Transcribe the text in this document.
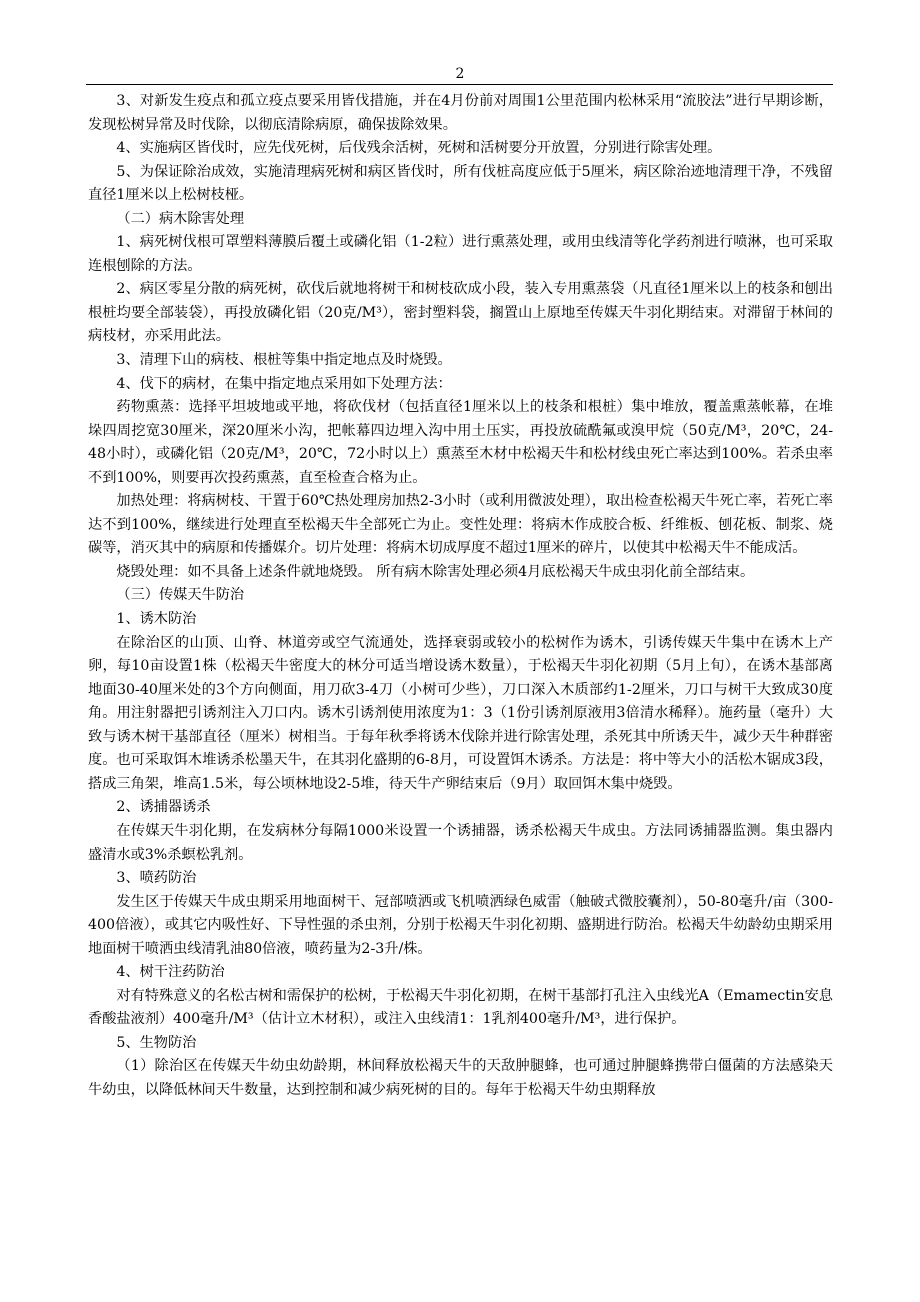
2

3、对新发生疫点和孤立疫点要采用皆伐措施，并在4月份前对周围1公里范围内松林采用“流胶法”进行早期诊断，发现松树异常及时伐除，以彻底清除病原，确保拔除效果。

4、实施病区皆伐时，应先伐死树，后伐残余活树，死树和活树要分开放置，分别进行除害处理。

5、为保证除治成效，实施清理病死树和病区皆伐时，所有伐桩高度应低于5厘米，病区除治迹地清理干净，不残留直径1厘米以上松树枝桠。

（二）病木除害处理

1、病死树伐根可罩塑料薄膜后覆土或磷化铝（1-2粒）进行熏蒸处理，或用虫线清等化学药剂进行喷淋，也可采取连根刨除的方法。

2、病区零星分散的病死树，砍伐后就地将树干和树枝砍成小段，装入专用熏蒸袋（凡直径1厘米以上的枝条和刨出根桩均要全部装袋），再投放磷化铝（20克/M³），密封塑料袋，搁置山上原地至传媒天牛羽化期结束。对滞留于林间的病枝材，亦采用此法。

3、清理下山的病枝、根桩等集中指定地点及时烧毁。

4、伐下的病材，在集中指定地点采用如下处理方法：

药物熏蒸：选择平坦坡地或平地，将砍伐材（包括直径1厘米以上的枝条和根桩）集中堆放，覆盖熏蒸帐幕，在堆垛四周挖宽30厘米，深20厘米小沟，把帐幕四边埋入沟中用土压实，再投放硫酰氟或溴甲烷（50克/M³，20℃，24-48小时），或磷化铝（20克/M³，20℃，72小时以上）熏蒸至木材中松褐天牛和松材线虫死亡率达到100%。若杀虫率不到100%，则要再次投药熏蒸，直至检查合格为止。

加热处理：将病树枝、干置于60℃热处理房加热2-3小时（或利用微波处理），取出检查松褐天牛死亡率，若死亡率达不到100%，继续进行处理直至松褐天牛全部死亡为止。变性处理：将病木作成胶合板、纤维板、刨花板、制浆、烧碳等，消灭其中的病原和传播媒介。切片处理：将病木切成厚度不超过1厘米的碎片，以使其中松褐天牛不能成活。

烧毁处理：如不具备上述条件就地烧毁。 所有病木除害处理必须4月底松褐天牛成虫羽化前全部结束。

（三）传媒天牛防治

1、诱木防治

在除治区的山顶、山脊、林道旁或空气流通处，选择衰弱或较小的松树作为诱木，引诱传媒天牛集中在诱木上产卵，每10亩设置1株（松褐天牛密度大的林分可适当增设诱木数量），于松褐天牛羽化初期（5月上旬），在诱木基部离地面30-40厘米处的3个方向侧面，用刀砍3-4刀（小树可少些），刀口深入木质部约1-2厘米，刀口与树干大致成30度角。用注射器把引诱剂注入刀口内。诱木引诱剂使用浓度为1：3（1份引诱剂原液用3倍清水稀释）。施药量（毫升）大致与诱木树干基部直径（厘米）树相当。于每年秋季将诱木伐除并进行除害处理，杀死其中所诱天牛，减少天牛种群密度。也可采取饵木堆诱杀松墨天牛，在其羽化盛期的6-8月，可设置饵木诱杀。方法是：将中等大小的活松木锯成3段，搭成三角架，堆高1.5米，每公顷林地设2-5堆，待天牛产卵结束后（9月）取回饵木集中烧毁。

2、诱捕器诱杀

在传媒天牛羽化期，在发病林分每隔1000米设置一个诱捕器，诱杀松褐天牛成虫。方法同诱捕器监测。集虫器内盛清水或3%杀螟松乳剂。

3、喷药防治

发生区于传媒天牛成虫期采用地面树干、冠部喷洒或飞机喷洒绿色威雷（触破式微胶囊剂），50-80毫升/亩（300-400倍液），或其它内吸性好、下导性强的杀虫剂，分别于松褐天牛羽化初期、盛期进行防治。松褐天牛幼龄幼虫期采用地面树干喷洒虫线清乳油80倍液，喷药量为2-3升/株。

4、树干注药防治

对有特殊意义的名松古树和需保护的松树，于松褐天牛羽化初期，在树干基部打孔注入虫线光A（Emamectin安息香酸盐液剂）400毫升/M³（估计立木材积），或注入虫线清1：1乳剂400毫升/M³，进行保护。

5、生物防治

（1）除治区在传媒天牛幼虫幼龄期，林间释放松褐天牛的天敌肿腿蜂，也可通过肿腿蜂携带白僵菌的方法感染天牛幼虫，以降低林间天牛数量，达到控制和减少病死树的目的。每年于松褐天牛幼虫期释放
